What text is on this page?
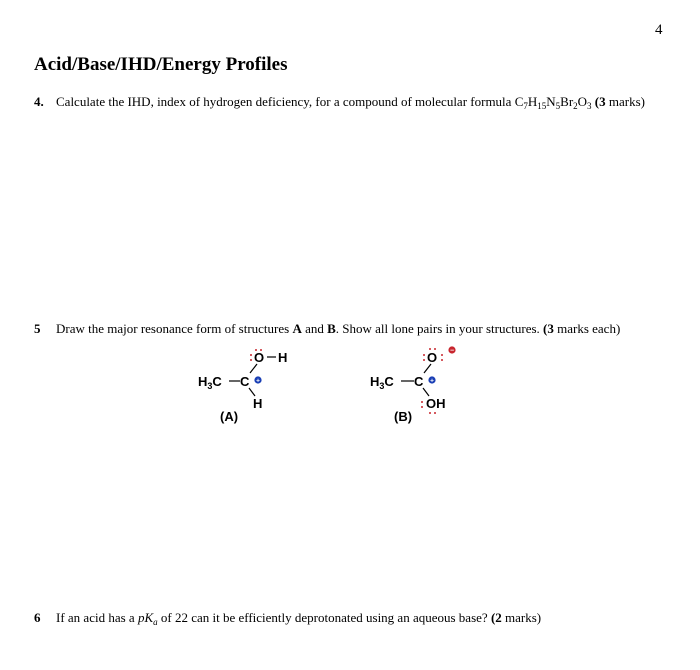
4
Acid/Base/IHD/Energy Profiles
4. Calculate the IHD, index of hydrogen deficiency, for a compound of molecular formula $C_7H_{15}N_5Br_2O_3$ (3 marks)
5 Draw the major resonance form of structures A and B. Show all lone pairs in your structures. (3 marks each)
O H
$H_3C$ C +
H
(A)
O −
$H_3C$ C +
OH
(B)
6 If an acid has a $pK_a$ of 22 can it be efficiently deprotonated using an aqueous base? (2 marks)
